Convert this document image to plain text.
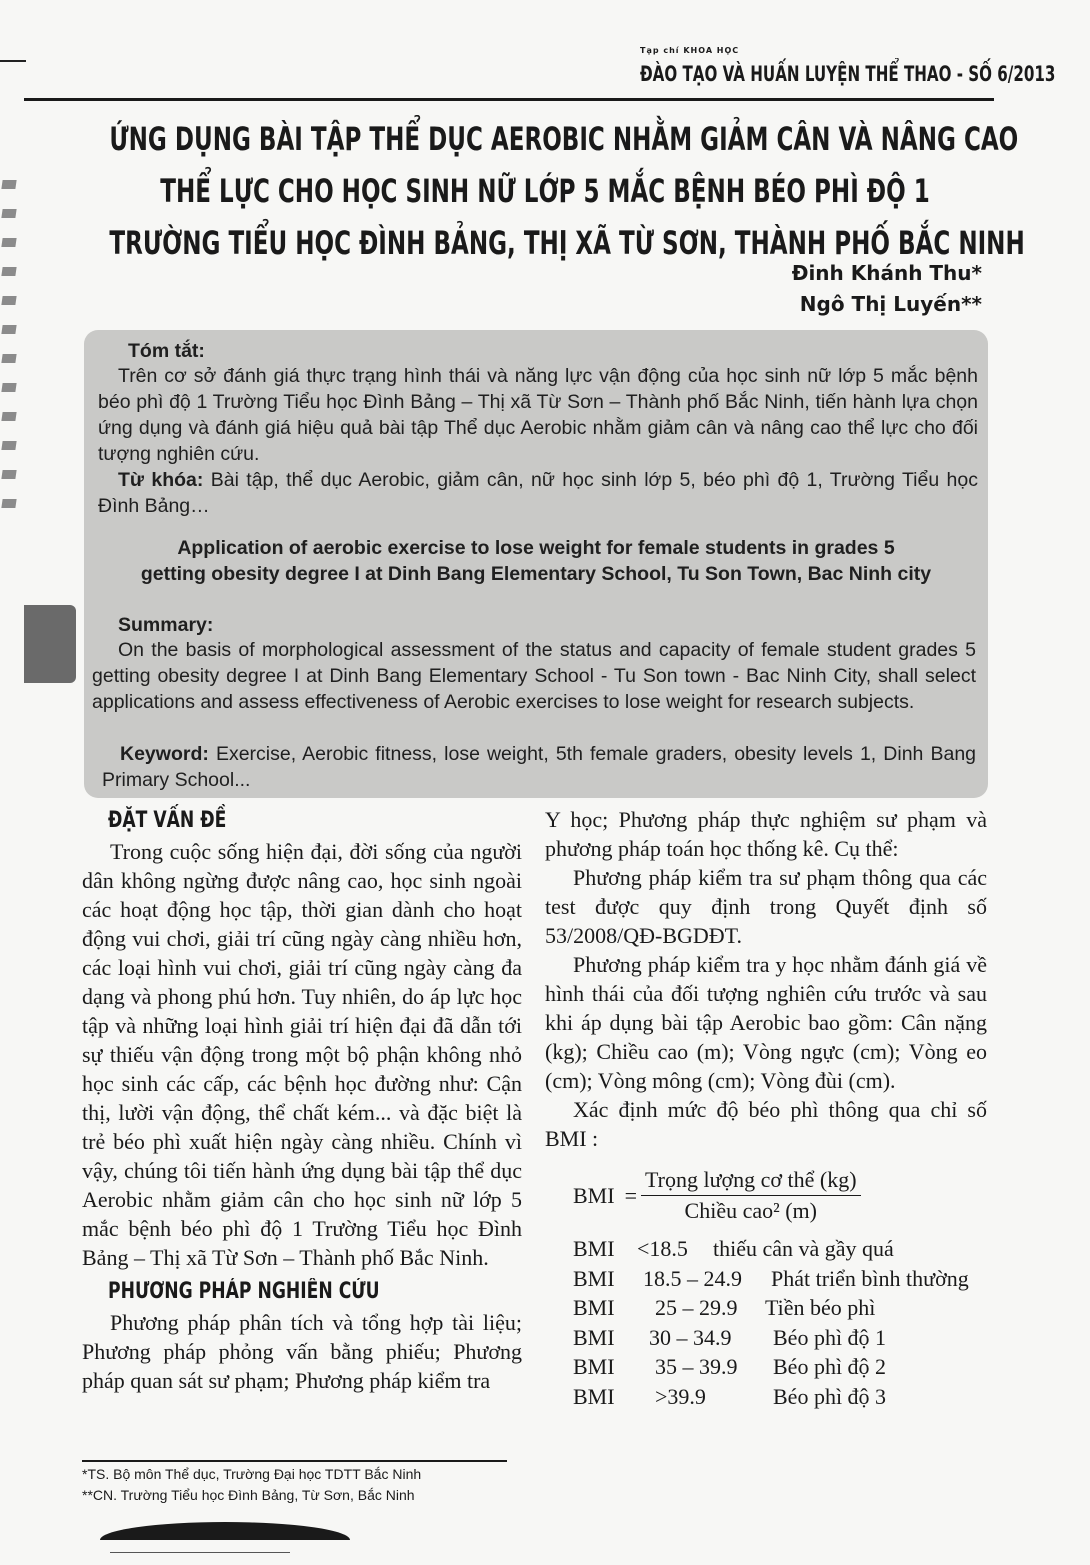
Tạp chí KHOA HỌC
ĐÀO TẠO VÀ HUẤN LUYỆN THỂ THAO - SỐ 6/2013
ỨNG DỤNG BÀI TẬP THỂ DỤC AEROBIC NHẰM GIẢM CÂN VÀ NÂNG CAO
THỂ LỰC CHO HỌC SINH NỮ LỚP 5 MẮC BỆNH BÉO PHÌ ĐỘ 1
TRƯỜNG TIỂU HỌC ĐÌNH BẢNG, THỊ XÃ TỪ SƠN, THÀNH PHỐ BẮC NINH
Đinh Khánh Thu*
Ngô Thị Luyến**
Tóm tắt:
Trên cơ sở đánh giá thực trạng hình thái và năng lực vận động của học sinh nữ lớp 5 mắc bệnh béo phì độ 1 Trường Tiểu học Đình Bảng – Thị xã Từ Sơn – Thành phố Bắc Ninh, tiến hành lựa chọn ứng dụng và đánh giá hiệu quả bài tập Thể dục Aerobic nhằm giảm cân và nâng cao thể lực cho đối tượng nghiên cứu.
Từ khóa: Bài tập, thể dục Aerobic, giảm cân, nữ học sinh lớp 5, béo phì độ 1, Trường Tiểu học Đình Bảng…
Application of aerobic exercise to lose weight for female students in grades 5
getting obesity degree I at Dinh Bang Elementary School, Tu Son Town, Bac Ninh city
Summary:
On the basis of morphological assessment of the status and capacity of female student grades 5 getting obesity degree I at Dinh Bang Elementary School - Tu Son town - Bac Ninh City, shall select applications and assess effectiveness of Aerobic exercises to lose weight for research subjects.
Keyword: Exercise, Aerobic fitness, lose weight, 5th female graders, obesity levels 1, Dinh Bang Primary School...
ĐẶT VẤN ĐỀ
Trong cuộc sống hiện đại, đời sống của người dân không ngừng được nâng cao, học sinh ngoài các hoạt động học tập, thời gian dành cho hoạt động vui chơi, giải trí cũng ngày càng nhiều hơn, các loại hình vui chơi, giải trí cũng ngày càng đa dạng và phong phú hơn. Tuy nhiên, do áp lực học tập và những loại hình giải trí hiện đại đã dẫn tới sự thiếu vận động trong một bộ phận không nhỏ học sinh các cấp, các bệnh học đường như: Cận thị, lười vận động, thể chất kém... và đặc biệt là trẻ béo phì xuất hiện ngày càng nhiều. Chính vì vậy, chúng tôi tiến hành ứng dụng bài tập thể dục Aerobic nhằm giảm cân cho học sinh nữ lớp 5 mắc bệnh béo phì độ 1 Trường Tiểu học Đình Bảng – Thị xã Từ Sơn – Thành phố Bắc Ninh.
PHƯƠNG PHÁP NGHIÊN CỨU
Phương pháp phân tích và tổng hợp tài liệu; Phương pháp phỏng vấn bằng phiếu; Phương pháp quan sát sư phạm; Phương pháp kiểm tra
Y học; Phương pháp thực nghiệm sư phạm và phương pháp toán học thống kê. Cụ thể:
Phương pháp kiểm tra sư phạm thông qua các test được quy định trong Quyết định số 53/2008/QĐ-BGDĐT.
Phương pháp kiểm tra y học nhằm đánh giá về hình thái của đối tượng nghiên cứu trước và sau khi áp dụng bài tập Aerobic bao gồm: Cân nặng (kg); Chiều cao (m); Vòng ngực (cm); Vòng eo (cm); Vòng mông (cm); Vòng đùi (cm).
Xác định mức độ béo phì thông qua chỉ số BMI :
BMI = $\frac{\text{Trọng lượng cơ thể (kg)}}{\text{Chiều cao² (m)}}$
BMI	<18.5	thiếu cân và gầy quá
BMI	18.5 – 24.9	Phát triển bình thường
BMI	25 – 29.9	Tiền béo phì
BMI	30 – 34.9	Béo phì độ 1
BMI	35 – 39.9	Béo phì độ 2
BMI	>39.9	Béo phì độ 3
*TS. Bộ môn Thể dục, Trường Đại học TDTT Bắc Ninh
**CN. Trường Tiểu học Đình Bảng, Từ Sơn, Bắc Ninh
